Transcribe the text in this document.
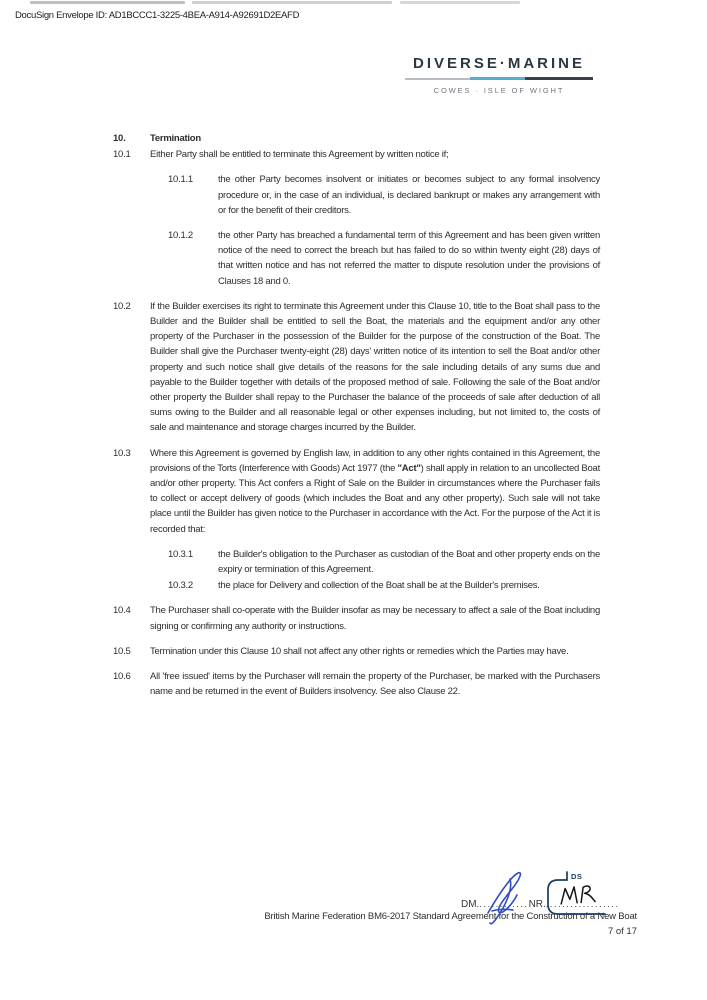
DocuSign Envelope ID: AD1BCCC1-3225-4BEA-A914-A92691D2EAFD
DIVERSE·MARINE
COWES · ISLE OF WIGHT
10.	Termination
10.1	Either Party shall be entitled to terminate this Agreement by written notice if;
10.1.1	the other Party becomes insolvent or initiates or becomes subject to any formal insolvency procedure or, in the case of an individual, is declared bankrupt or makes any arrangement with or for the benefit of their creditors.
10.1.2	the other Party has breached a fundamental term of this Agreement and has been given written notice of the need to correct the breach but has failed to do so within twenty eight (28) days of that written notice and has not referred the matter to dispute resolution under the provisions of Clauses 18 and 0.
10.2	If the Builder exercises its right to terminate this Agreement under this Clause 10, title to the Boat shall pass to the Builder and the Builder shall be entitled to sell the Boat, the materials and the equipment and/or any other property of the Purchaser in the possession of the Builder for the purpose of the construction of the Boat. The Builder shall give the Purchaser twenty-eight (28) days' written notice of its intention to sell the Boat and/or other property and such notice shall give details of the reasons for the sale including details of any sums due and payable to the Builder together with details of the proposed method of sale. Following the sale of the Boat and/or other property the Builder shall repay to the Purchaser the balance of the proceeds of sale after deduction of all sums owing to the Builder and all reasonable legal or other expenses including, but not limited to, the costs of sale and maintenance and storage charges incurred by the Builder.
10.3	Where this Agreement is governed by English law, in addition to any other rights contained in this Agreement, the provisions of the Torts (Interference with Goods) Act 1977 (the "Act") shall apply in relation to an uncollected Boat and/or other property. This Act confers a Right of Sale on the Builder in circumstances where the Purchaser fails to collect or accept delivery of goods (which includes the Boat and any other property). Such sale will not take place until the Builder has given notice to the Purchaser in accordance with the Act. For the purpose of the Act it is recorded that:
10.3.1	the Builder's obligation to the Purchaser as custodian of the Boat and other property ends on the expiry or termination of this Agreement.
10.3.2	the place for Delivery and collection of the Boat shall be at the Builder's premises.
10.4	The Purchaser shall co-operate with the Builder insofar as may be necessary to affect a sale of the Boat including signing or confirming any authority or instructions.
10.5	Termination under this Clause 10 shall not affect any other rights or remedies which the Parties may have.
10.6	All 'free issued' items by the Purchaser will remain the property of the Purchaser, be marked with the Purchasers name and be returned in the event of Builders insolvency. See also Clause 22.
DM.............NR...................
DS
British Marine Federation BM6-2017 Standard Agreement for the Construction of a New Boat
7 of 17
